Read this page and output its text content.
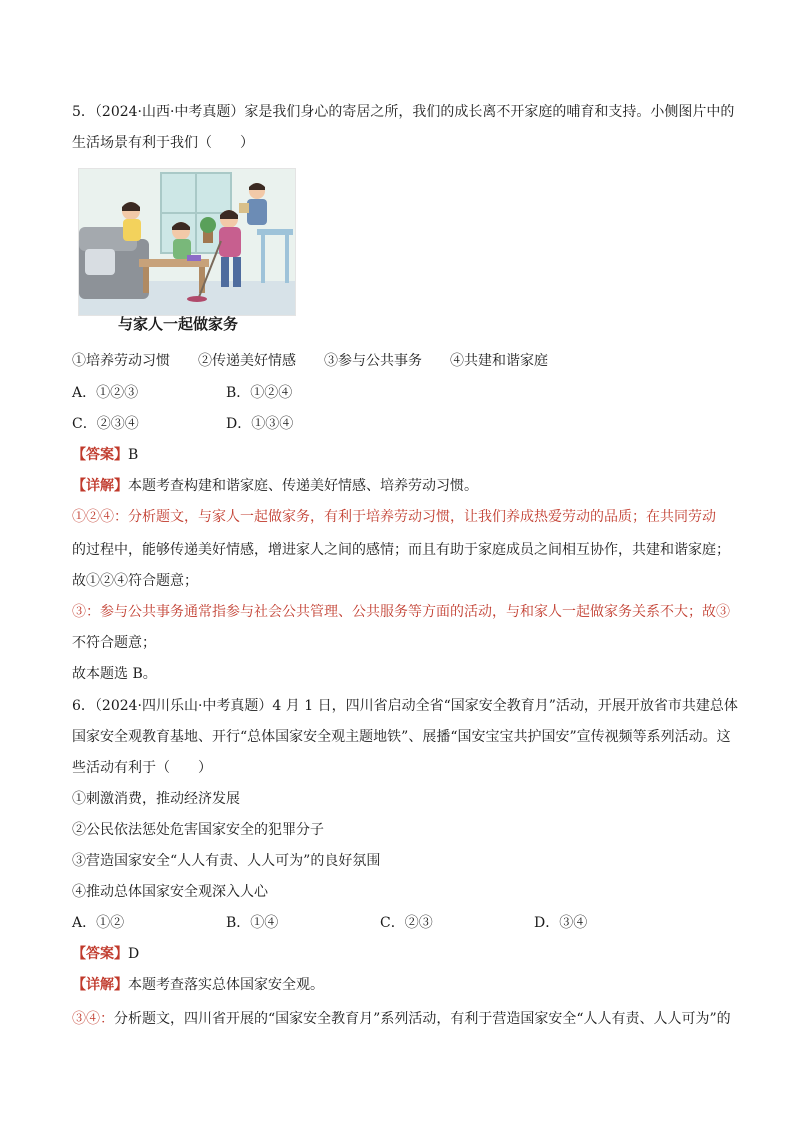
5．（2024·山西·中考真题）家是我们身心的寄居之所，我们的成长离不开家庭的哺育和支持。小侧图片中的
生活场景有利于我们（　　）
与家人一起做家务
①培养劳动习惯　　②传递美好情感　　③参与公共事务　　④共建和谐家庭
A．①②③	B．①②④
C．②③④	D．①③④
【答案】B
【详解】本题考查构建和谐家庭、传递美好情感、培养劳动习惯。
①②④：分析题文，与家人一起做家务，有利于培养劳动习惯，让我们养成热爱劳动的品质；在共同劳动
的过程中，能够传递美好情感，增进家人之间的感情；而且有助于家庭成员之间相互协作，共建和谐家庭；
故①②④符合题意；
③：参与公共事务通常指参与社会公共管理、公共服务等方面的活动，与和家人一起做家务关系不大；故③
不符合题意；
故本题选 B。
6．（2024·四川乐山·中考真题）4 月 1 日，四川省启动全省“国家安全教育月”活动，开展开放省市共建总体
国家安全观教育基地、开行“总体国家安全观主题地铁”、展播“国安宝宝共护国安”宣传视频等系列活动。这
些活动有利于（　　）
①刺激消费，推动经济发展
②公民依法惩处危害国家安全的犯罪分子
③营造国家安全“人人有责、人人可为”的良好氛围
④推动总体国家安全观深入人心
A．①②	B．①④	C．②③	D．③④
【答案】D
【详解】本题考查落实总体国家安全观。
③④：分析题文，四川省开展的“国家安全教育月”系列活动，有利于营造国家安全“人人有责、人人可为”的
